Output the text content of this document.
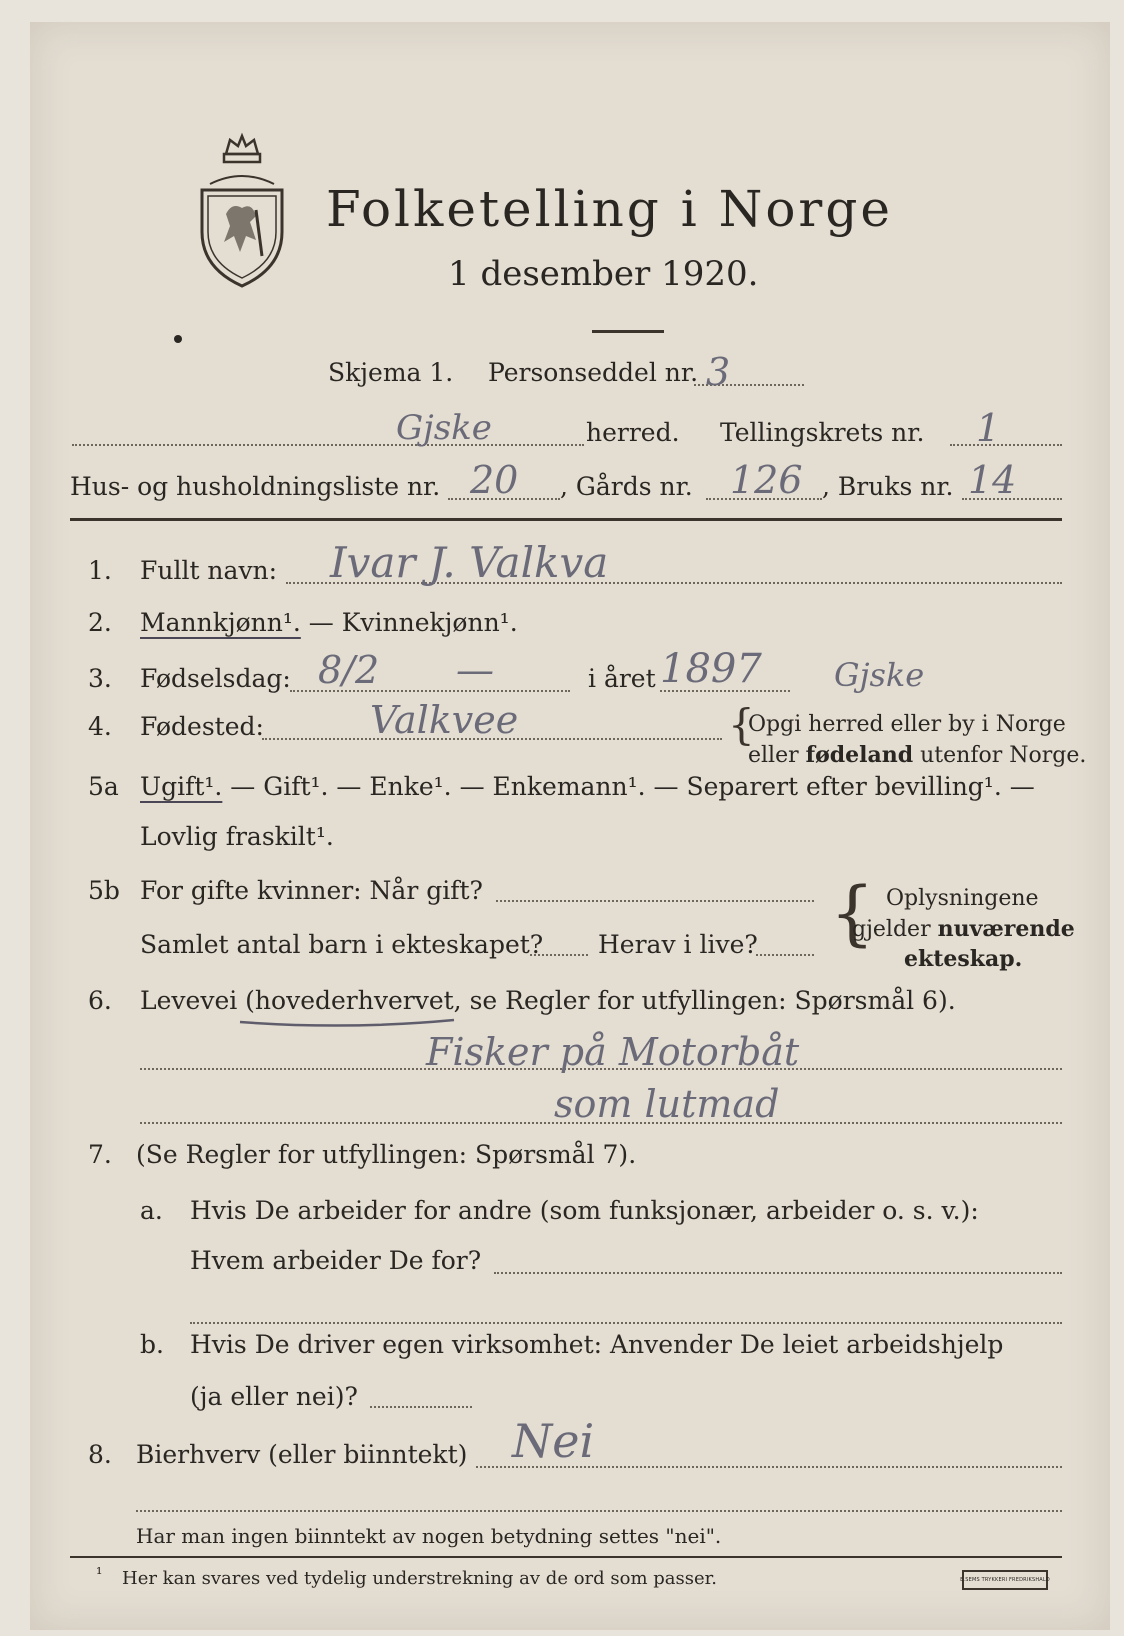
Folketelling i Norge
1 desember 1920.
Skjema 1. Personseddel nr. 3
Gjske	herred. Tellingskrets nr. 1
Hus- og husholdningsliste nr. 20 , Gårds nr. 126 , Bruks nr. 14
1. Fullt navn: Ivar J. Valkva
2. Mannkjønn¹. — Kvinnekjønn¹.
3. Fødselsdag: 8/2 —	i året 1897 Gjske
4. Fødested:	Valkvee	{
Opgi herred eller by i Norge
eller fødeland utenfor Norge.
5a Ugift¹. — Gift¹. — Enke¹. — Enkemann¹. — Separert efter bevilling¹. —
Lovlig fraskilt¹.
5b For gifte kvinner: Når gift?
Samlet antal barn i ekteskapet? Herav i live? { Oplysningene
gjelder nuværende
ekteskap.
6. Levevei (hovederhvervet, se Regler for utfyllingen: Spørsmål 6).
Fisker på Motorbåt
som lutmad
7. (Se Regler for utfyllingen: Spørsmål 7).
a. Hvis De arbeider for andre (som funksjonær, arbeider o. s. v.):
Hvem arbeider De for?
b. Hvis De driver egen virksomhet: Anvender De leiet arbeidshjelp
(ja eller nei)?
8. Bierhverv (eller biinntekt) Nei
Har man ingen biinntekt av nogen betydning settes "nei".
¹ Her kan svares ved tydelig understrekning av de ord som passer.	E.SEMS TRYKKERI FREDRIKSHALD
